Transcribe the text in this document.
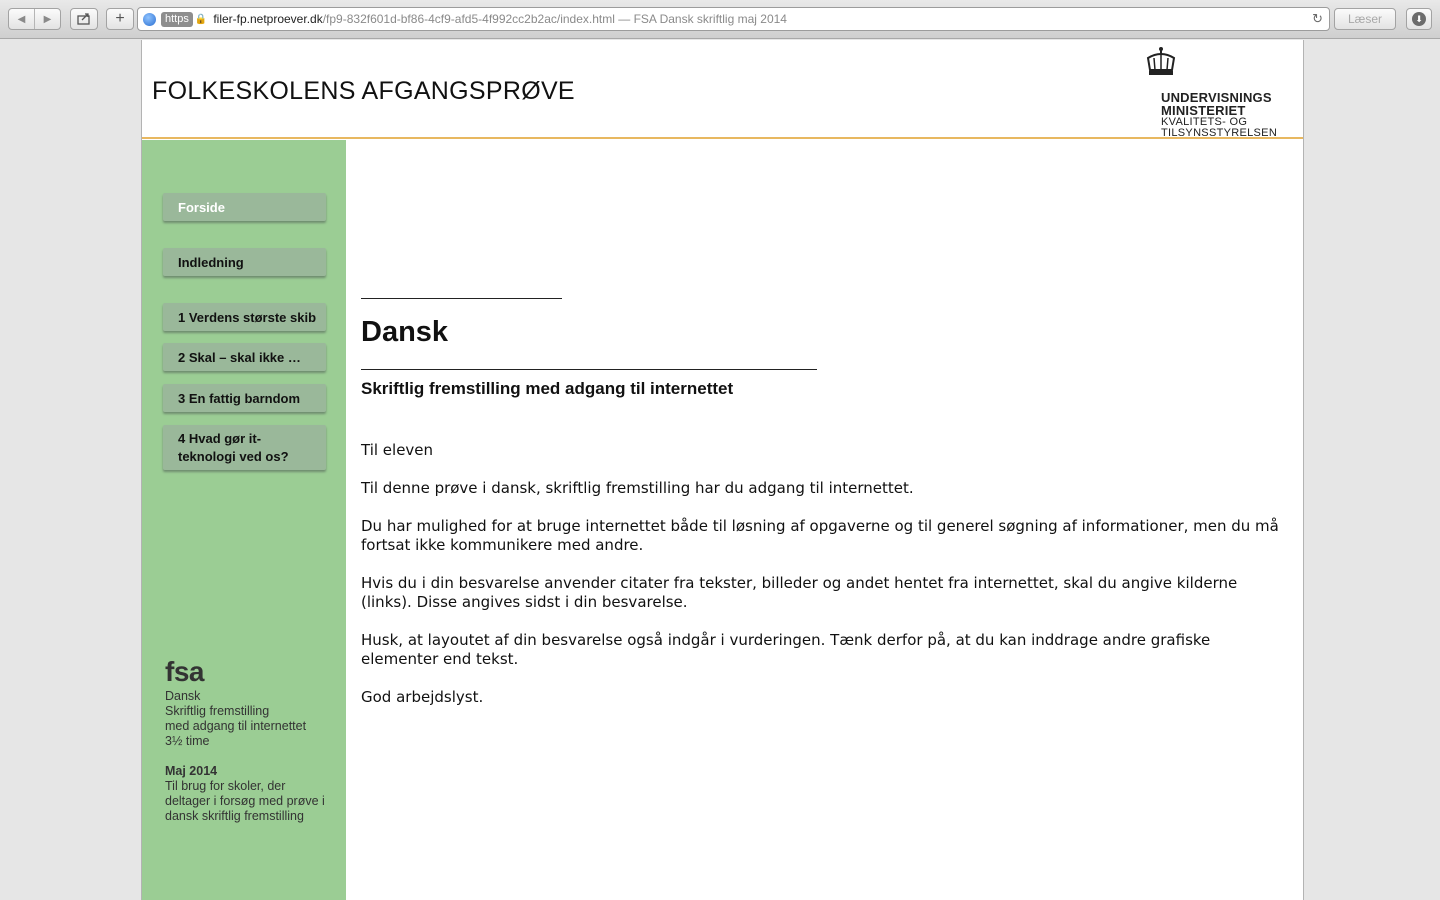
◀	▶	+	https 🔒 filer-fp.netproever.dk /fp9-832f601d-bf86-4cf9-afd5-4f992cc2b2ac/index.html — FSA Dansk skriftlig maj 2014	↻	Læser	⬇
FOLKESKOLENS AFGANGSPRØVE	UNDERVISNINGS
MINISTERIET
KVALITETS- OG
TILSYNSSTYRELSEN
Forside
Indledning
1 Verdens største skib
2 Skal – skal ikke …
3 En fattig barndom
4 Hvad gør it-teknologi ved os?
fsa
Dansk
Skriftlig fremstilling
med adgang til internettet
3½ time
Maj 2014
Til brug for skoler, der
deltager i forsøg med prøve i
dansk skriftlig fremstilling
Dansk
Skriftlig fremstilling med adgang til internettet

Til eleven

Til denne prøve i dansk, skriftlig fremstilling har du adgang til internettet.

Du har mulighed for at bruge internettet både til løsning af opgaverne og til generel søgning af informationer, men du må fortsat ikke kommunikere med andre.

Hvis du i din besvarelse anvender citater fra tekster, billeder og andet hentet fra internettet, skal du angive kilderne (links). Disse angives sidst i din besvarelse.

Husk, at layoutet af din besvarelse også indgår i vurderingen. Tænk derfor på, at du kan inddrage andre grafiske elementer end tekst.

God arbejdslyst.
